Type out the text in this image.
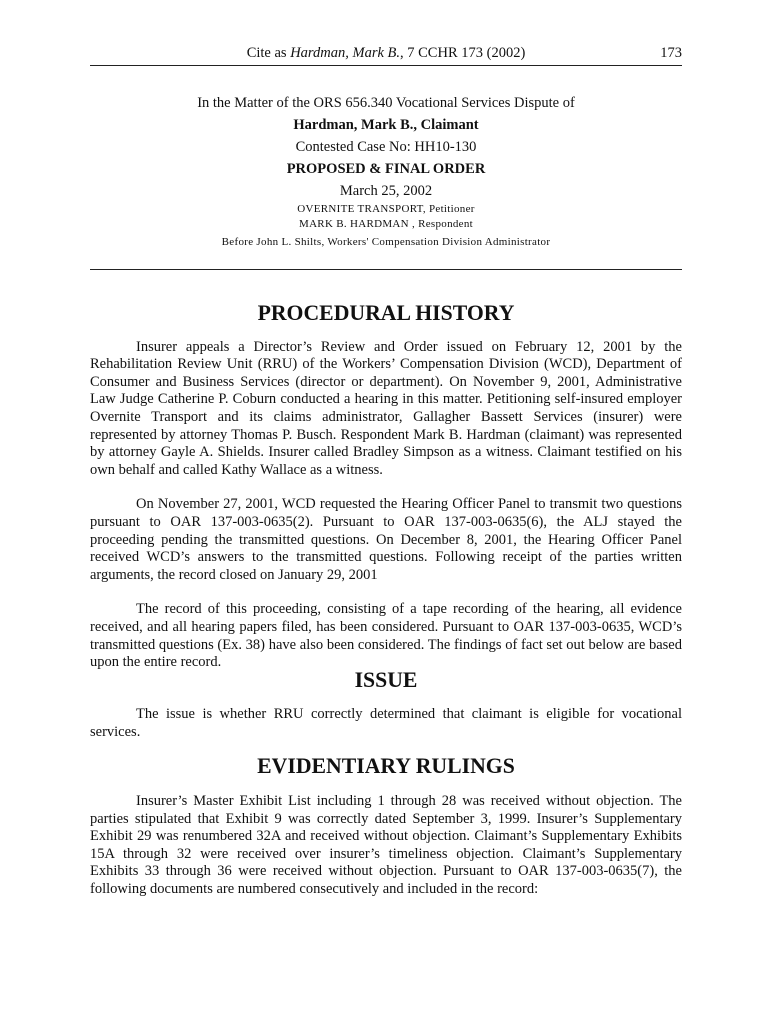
Cite as Hardman, Mark B., 7 CCHR 173 (2002)	173
In the Matter of the ORS 656.340 Vocational Services Dispute of
Hardman, Mark B., Claimant
Contested Case No: HH10-130
PROPOSED & FINAL ORDER
March 25, 2002
OVERNITE TRANSPORT, Petitioner
MARK B. HARDMAN , Respondent
Before John L. Shilts, Workers' Compensation Division Administrator
PROCEDURAL HISTORY

Insurer appeals a Director’s Review and Order issued on February 12, 2001 by the Rehabilitation Review Unit (RRU) of the Workers’ Compensation Division (WCD), Department of Consumer and Business Services (director or department). On November 9, 2001, Administrative Law Judge Catherine P. Coburn conducted a hearing in this matter. Petitioning self-insured employer Overnite Transport and its claims administrator, Gallagher Bassett Services (insurer) were represented by attorney Thomas P. Busch. Respondent Mark B. Hardman (claimant) was represented by attorney Gayle A. Shields. Insurer called Bradley Simpson as a witness. Claimant testified on his own behalf and called Kathy Wallace as a witness.

On November 27, 2001, WCD requested the Hearing Officer Panel to transmit two questions pursuant to OAR 137-003-0635(2). Pursuant to OAR 137-003-0635(6), the ALJ stayed the proceeding pending the transmitted questions. On December 8, 2001, the Hearing Officer Panel received WCD’s answers to the transmitted questions. Following receipt of the parties written arguments, the record closed on January 29, 2001

The record of this proceeding, consisting of a tape recording of the hearing, all evidence received, and all hearing papers filed, has been considered. Pursuant to OAR 137-003-0635, WCD’s transmitted questions (Ex. 38) have also been considered. The findings of fact set out below are based upon the entire record.

ISSUE

The issue is whether RRU correctly determined that claimant is eligible for vocational services.

EVIDENTIARY RULINGS

Insurer’s Master Exhibit List including 1 through 28 was received without objection. The parties stipulated that Exhibit 9 was correctly dated September 3, 1999. Insurer’s Supplementary Exhibit 29 was renumbered 32A and received without objection. Claimant’s Supplementary Exhibits 15A through 32 were received over insurer’s timeliness objection. Claimant’s Supplementary Exhibits 33 through 36 were received without objection. Pursuant to OAR 137-003-0635(7), the following documents are numbered consecutively and included in the record:
